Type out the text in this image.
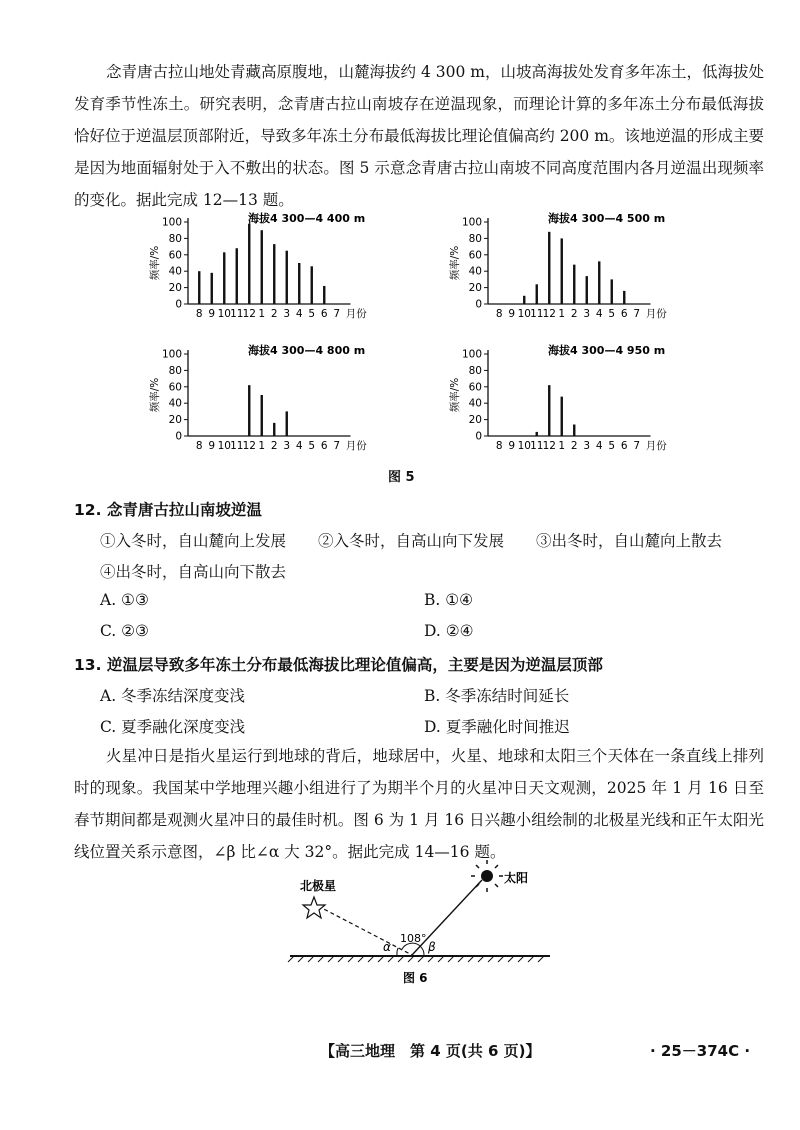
念青唐古拉山地处青藏高原腹地，山麓海拔约 4 300 m，山坡高海拔处发育多年冻土，低海拔处发育季节性冻土。研究表明，念青唐古拉山南坡存在逆温现象，而理论计算的多年冻土分布最低海拔恰好位于逆温层顶部附近，导致多年冻土分布最低海拔比理论值偏高约 200 m。该地逆温的形成主要是因为地面辐射处于入不敷出的状态。图 5 示意念青唐古拉山南坡不同高度范围内各月逆温出现频率的变化。据此完成 12—13 题。
0
20
40
60
80
100
频率/%
8 9 10 11 12 1 2 3 4 5 6 7 月份
海拔4 300—4 400 m
0
20
40
60
80
100
频率/%
8 9 10 11 12 1 2 3 4 5 6 7 月份
海拔4 300—4 500 m
0
20
40
60
80
100
频率/%
8 9 10 11 12 1 2 3 4 5 6 7 月份
海拔4 300—4 800 m
0
20
40
60
80
100
频率/%
8 9 10 11 12 1 2 3 4 5 6 7 月份
海拔4 300—4 950 m
图 5
12. 念青唐古拉山南坡逆温
①入冬时，自山麓向上发展 ②入冬时，自高山向下发展 ③出冬时，自山麓向上散去
④出冬时，自高山向下散去
A. ①③	B. ①④
C. ②③	D. ②④
13. 逆温层导致多年冻土分布最低海拔比理论值偏高，主要是因为逆温层顶部
A. 冬季冻结深度变浅	B. 冬季冻结时间延长
C. 夏季融化深度变浅	D. 夏季融化时间推迟
火星冲日是指火星运行到地球的背后，地球居中，火星、地球和太阳三个天体在一条直线上排列时的现象。我国某中学地理兴趣小组进行了为期半个月的火星冲日天文观测，2025 年 1 月 16 日至春节期间都是观测火星冲日的最佳时机。图 6 为 1 月 16 日兴趣小组绘制的北极星光线和正午太阳光线位置关系示意图，∠β 比∠α 大 32°。据此完成 14—16 题。
北极星
太阳
108°
α	β
图 6
【高三地理　第 4 页(共 6 页)】	· 25－374C ·
